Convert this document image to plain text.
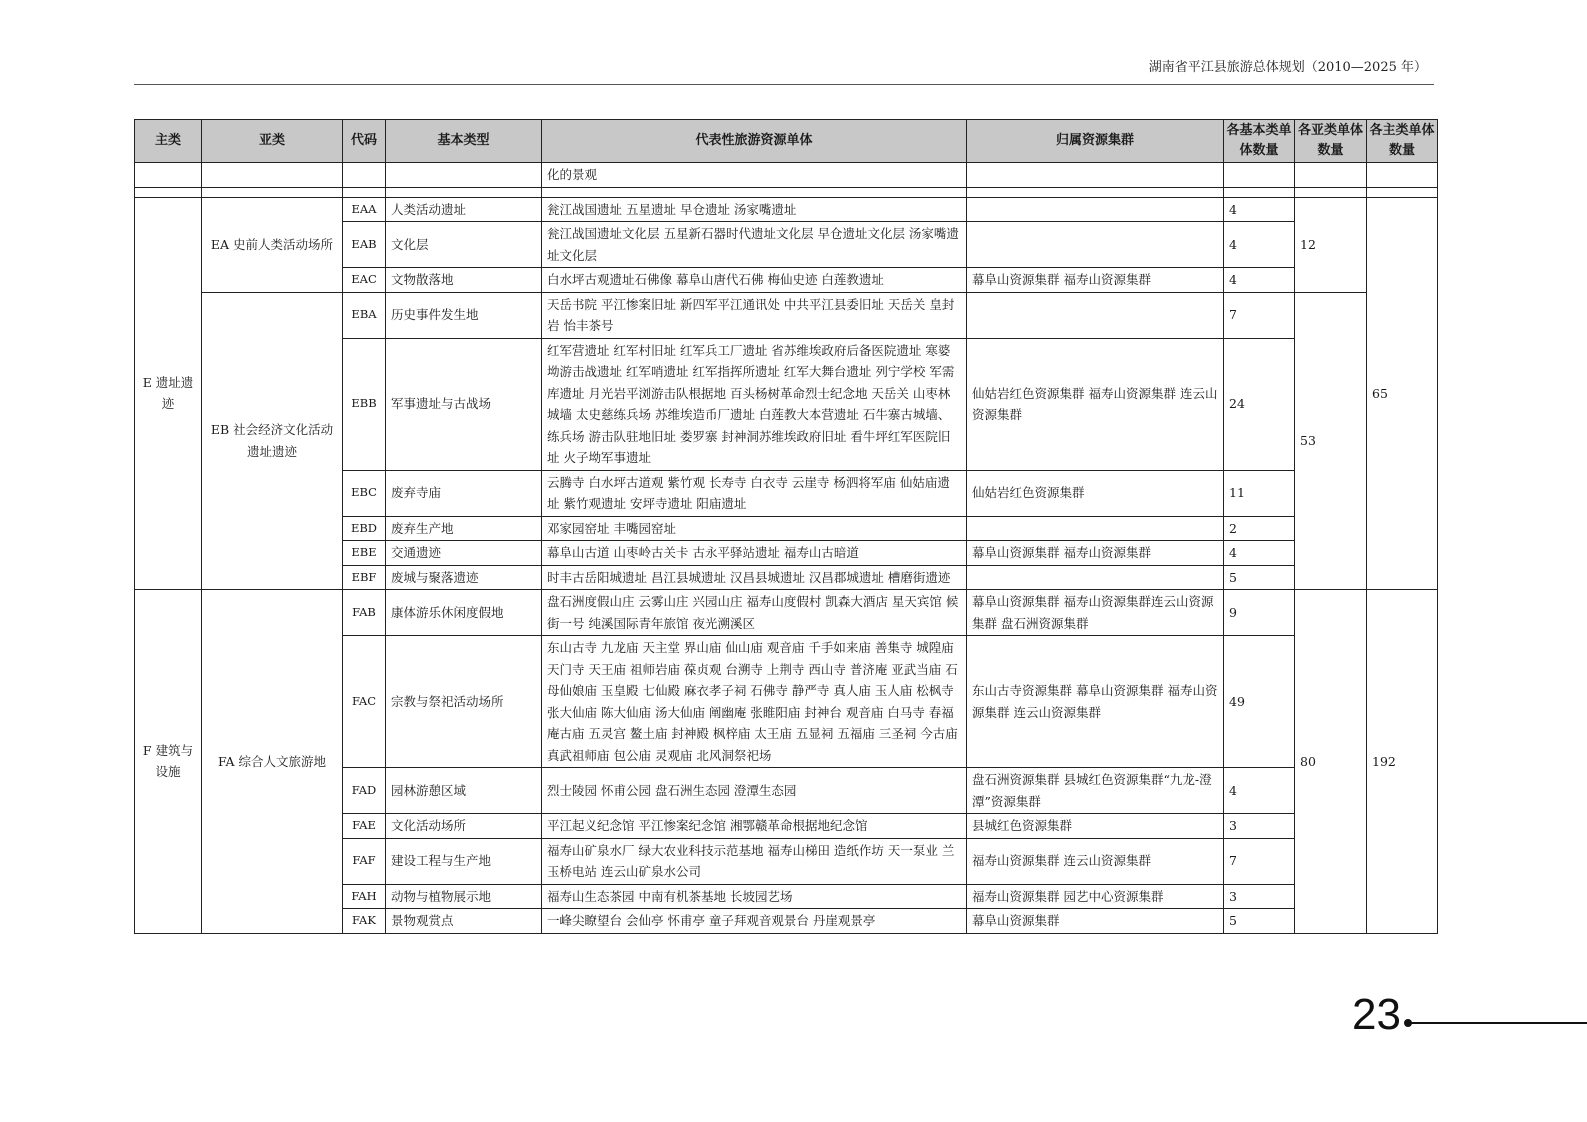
湖南省平江县旅游总体规划（2010—2025 年）
主类	亚类	代码	基本类型	代表性旅游资源单体	归属资源集群	各基本类单体数量	各亚类单体数量	各主类单体数量
				化的景观				

E 遗址遗迹	EA 史前人类活动场所	EAA	人类活动遗址	瓮江战国遗址 五星遗址 早仓遗址 汤家嘴遗址		4	12	65
		EAB	文化层	瓮江战国遗址文化层 五星新石器时代遗址文化层 早仓遗址文化层 汤家嘴遗址文化层		4		
		EAC	文物散落地	白水坪古观遗址石佛像 幕阜山唐代石佛 梅仙史迹 白莲教遗址	幕阜山资源集群 福寿山资源集群	4		
	EB 社会经济文化活动遗址遗迹	EBA	历史事件发生地	天岳书院 平江惨案旧址 新四军平江通讯处 中共平江县委旧址 天岳关 皇封岩 怡丰茶号		7	53	
		EBB	军事遗址与古战场	红军营遗址 红军村旧址 红军兵工厂遗址 省苏维埃政府后备医院遗址 寒婆坳游击战遗址 红军哨遗址 红军指挥所遗址 红军大舞台遗址 列宁学校 军需库遗址 月光岩平浏游击队根据地 百头杨树革命烈士纪念地 天岳关 山枣林城墙 太史慈练兵场 苏维埃造币厂遗址 白莲教大本营遗址 石牛寨古城墙、练兵场 游击队驻地旧址 娄罗寨 封神洞苏维埃政府旧址 看牛坪红军医院旧址 火子坳军事遗址	仙姑岩红色资源集群 福寿山资源集群 连云山资源集群	24		
		EBC	废弃寺庙	云腾寺 白水坪古道观 紫竹观 长寿寺 白衣寺 云崖寺 杨泗将军庙 仙姑庙遗址 紫竹观遗址 安坪寺遗址 阳庙遗址	仙姑岩红色资源集群	11		
		EBD	废弃生产地	邓家园窑址 丰嘴园窑址		2		
		EBE	交通遗迹	幕阜山古道 山枣岭古关卡 古永平驿站遗址 福寿山古暗道	幕阜山资源集群 福寿山资源集群	4		
		EBF	废城与聚落遗迹	时丰古岳阳城遗址 昌江县城遗址 汉昌县城遗址 汉昌郡城遗址 槽磨街遗迹		5		
F 建筑与设施	FA 综合人文旅游地	FAB	康体游乐休闲度假地	盘石洲度假山庄 云雾山庄 兴园山庄 福寿山度假村 凯森大酒店 星天宾馆 候街一号 纯溪国际青年旅馆 夜光溯溪区	幕阜山资源集群 福寿山资源集群连云山资源集群 盘石洲资源集群	9	80	192
		FAC	宗教与祭祀活动场所	东山古寺 九龙庙 天主堂 界山庙 仙山庙 观音庙 千手如来庙 善集寺 城隍庙 天门寺 天王庙 祖师岩庙 葆贞观 台溯寺 上荆寺 西山寺 普济庵 亚武当庙 石母仙娘庙 玉皇殿 七仙殿 麻衣孝子祠 石佛寺 静严寺 真人庙 玉人庙 松枫寺 张大仙庙 陈大仙庙 汤大仙庙 阐幽庵 张睢阳庙 封神台 观音庙 白马寺 春福庵古庙 五灵宫 鳌土庙 封神殿 枫梓庙 太王庙 五显祠 五福庙 三圣祠 今古庙 真武祖师庙 包公庙 灵观庙 北风洞祭祀场	东山古寺资源集群 幕阜山资源集群 福寿山资源集群 连云山资源集群	49		
		FAD	园林游憩区域	烈士陵园 怀甫公园 盘石洲生态园 澄潭生态园	盘石洲资源集群 县城红色资源集群“九龙-澄潭”资源集群	4		
		FAE	文化活动场所	平江起义纪念馆 平江惨案纪念馆 湘鄂赣革命根据地纪念馆	县城红色资源集群	3		
		FAF	建设工程与生产地	福寿山矿泉水厂 绿大农业科技示范基地 福寿山梯田 造纸作坊 天一泵业 兰玉桥电站 连云山矿泉水公司	福寿山资源集群 连云山资源集群	7		
		FAH	动物与植物展示地	福寿山生态茶园 中南有机茶基地 长坡园艺场	福寿山资源集群 园艺中心资源集群	3		
		FAK	景物观赏点	一峰尖瞭望台 会仙亭 怀甫亭 童子拜观音观景台 丹崖观景亭	幕阜山资源集群	5		
23
